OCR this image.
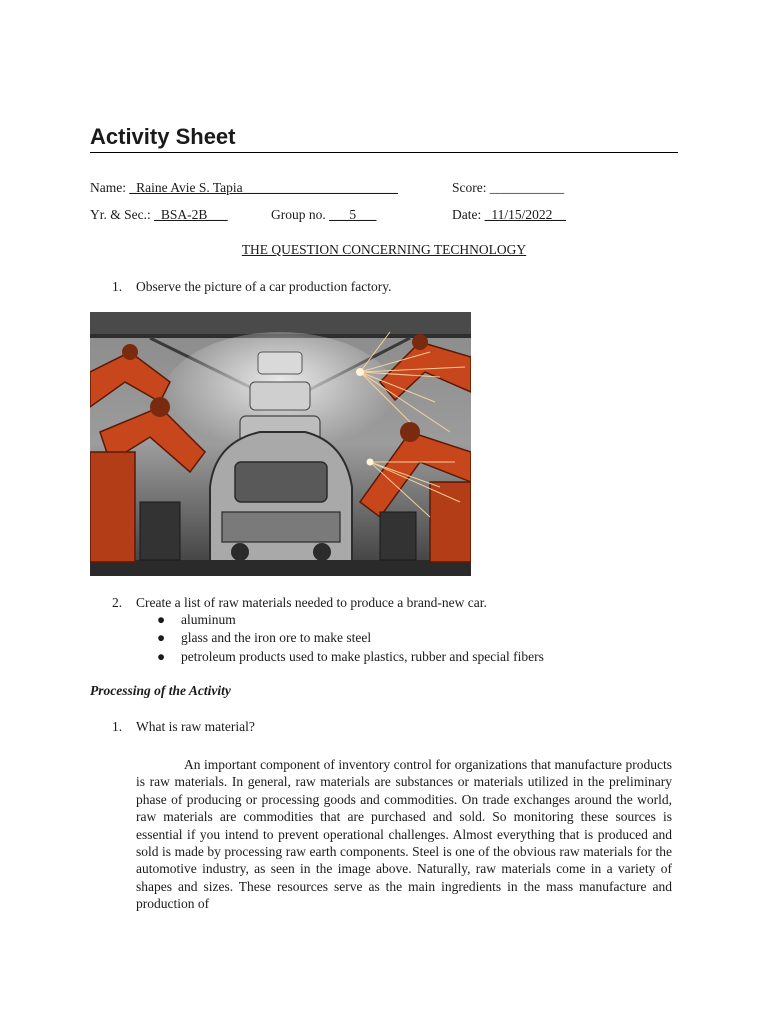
Activity Sheet
Name: _Raine Avie S. Tapia_______________________	Score: ___________
Yr. & Sec.: _BSA-2B___	Group no. ___5___	Date: _11/15/2022__
THE QUESTION CONCERNING TECHNOLOGY
1. Observe the picture of a car production factory.
2. Create a list of raw materials needed to produce a brand-new car.
● aluminum
● glass and the iron ore to make steel
● petroleum products used to make plastics, rubber and special fibers
Processing of the Activity
1. What is raw material?
An important component of inventory control for organizations that manufacture products is raw materials. In general, raw materials are substances or materials utilized in the preliminary phase of producing or processing goods and commodities. On trade exchanges around the world, raw materials are commodities that are purchased and sold. So monitoring these sources is essential if you intend to prevent operational challenges. Almost everything that is produced and sold is made by processing raw earth components. Steel is one of the obvious raw materials for the automotive industry, as seen in the image above. Naturally, raw materials come in a variety of shapes and sizes. These resources serve as the main ingredients in the mass manufacture and production of
